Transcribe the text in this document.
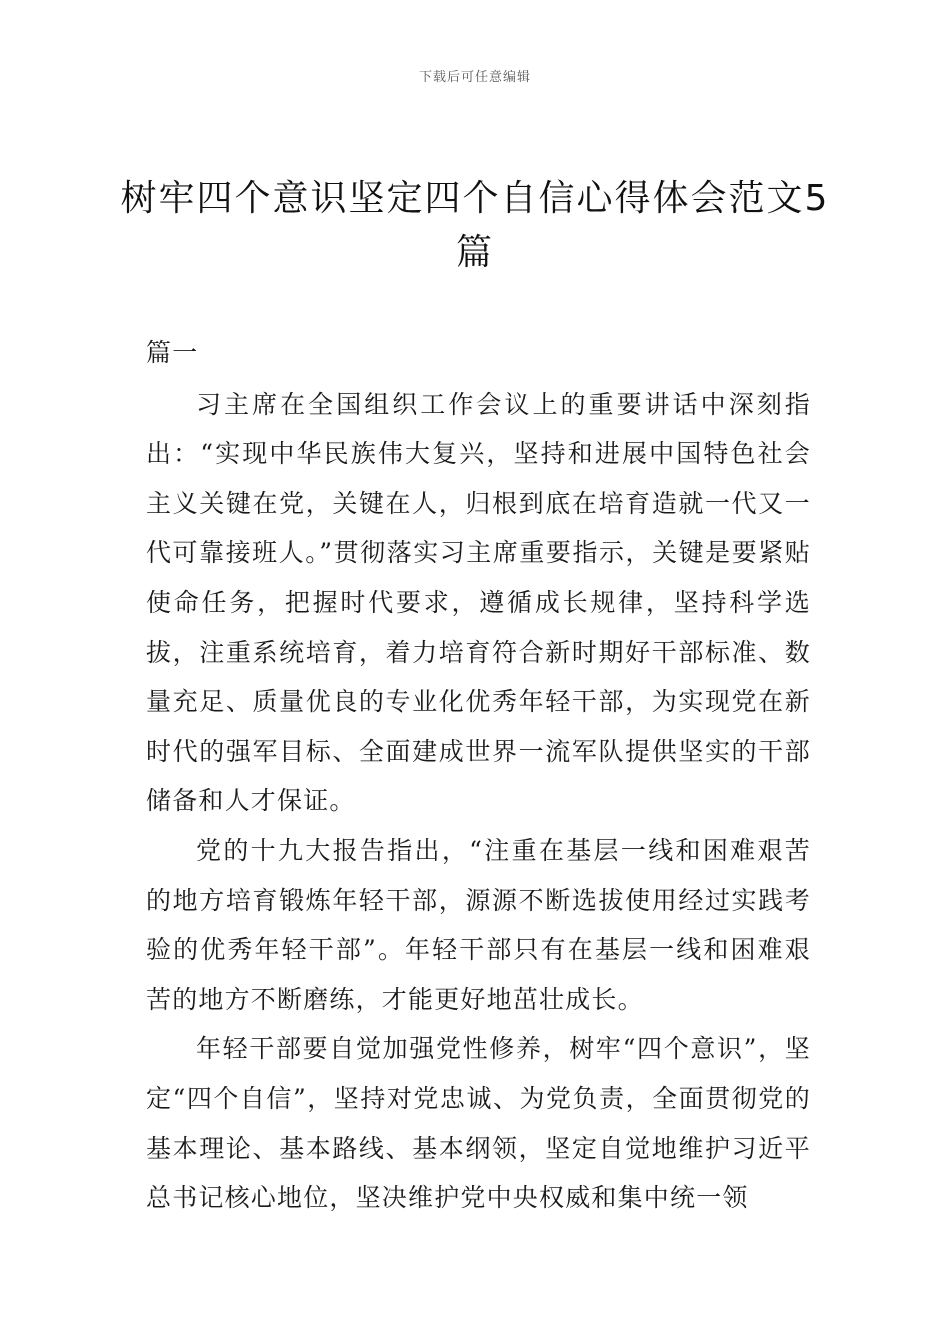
下载后可任意编辑
树牢四个意识坚定四个自信心得体会范文5篇
篇一

习主席在全国组织工作会议上的重要讲话中深刻指出：“实现中华民族伟大复兴，坚持和进展中国特色社会主义关键在党，关键在人，归根到底在培育造就一代又一代可靠接班人。”贯彻落实习主席重要指示，关键是要紧贴使命任务，把握时代要求，遵循成长规律，坚持科学选拔，注重系统培育，着力培育符合新时期好干部标准、数量充足、质量优良的专业化优秀年轻干部，为实现党在新时代的强军目标、全面建成世界一流军队提供坚实的干部储备和人才保证。

党的十九大报告指出，“注重在基层一线和困难艰苦的地方培育锻炼年轻干部，源源不断选拔使用经过实践考验的优秀年轻干部”。年轻干部只有在基层一线和困难艰苦的地方不断磨练，才能更好地茁壮成长。

年轻干部要自觉加强党性修养，树牢“四个意识”，坚定“四个自信”，坚持对党忠诚、为党负责，全面贯彻党的基本理论、基本路线、基本纲领，坚定自觉地维护习近平总书记核心地位，坚决维护党中央权威和集中统一领
